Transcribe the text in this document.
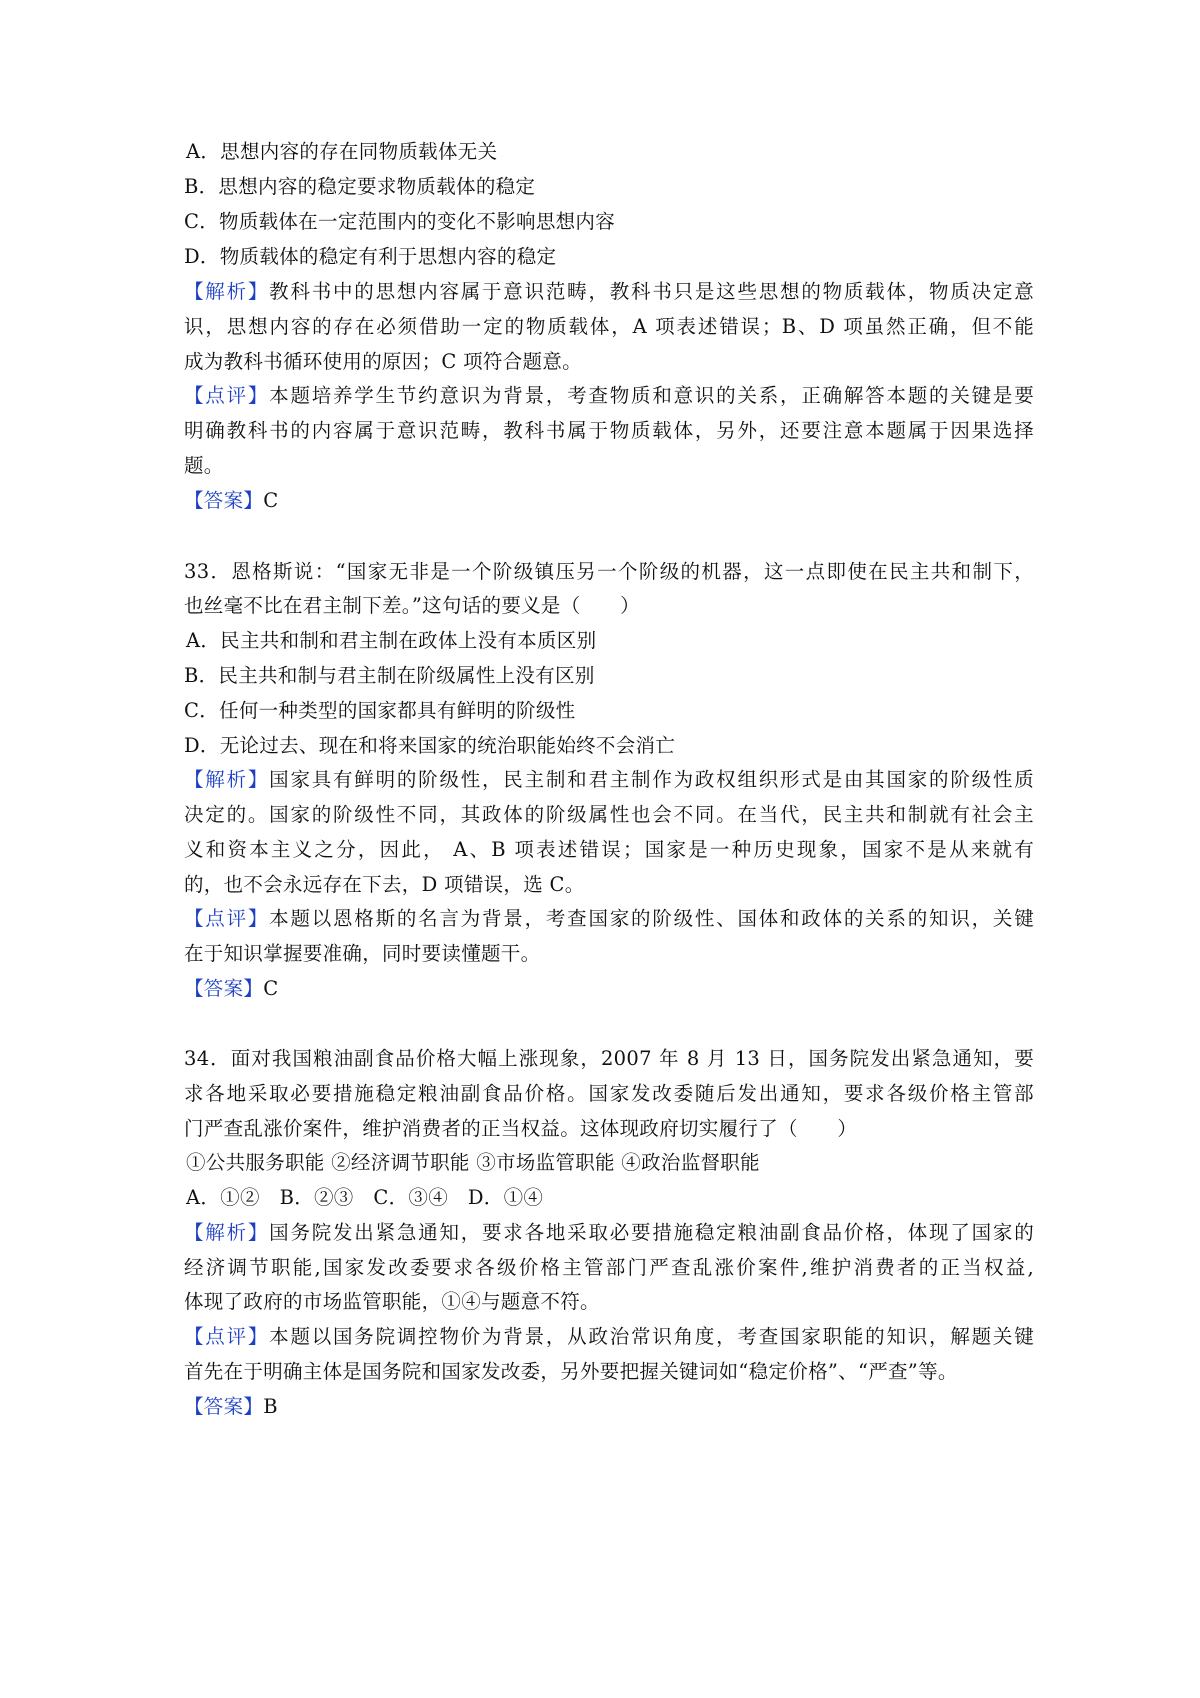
A．思想内容的存在同物质载体无关
B．思想内容的稳定要求物质载体的稳定
C．物质载体在一定范围内的变化不影响思想内容
D．物质载体的稳定有利于思想内容的稳定
【解析】教科书中的思想内容属于意识范畴，教科书只是这些思想的物质载体，物质决定意
识，思想内容的存在必须借助一定的物质载体，A 项表述错误；B、D 项虽然正确，但不能
成为教科书循环使用的原因；C 项符合题意。
【点评】本题培养学生节约意识为背景，考查物质和意识的关系，正确解答本题的关键是要
明确教科书的内容属于意识范畴，教科书属于物质载体，另外，还要注意本题属于因果选择
题。
【答案】C
33．恩格斯说：“国家无非是一个阶级镇压另一个阶级的机器，这一点即使在民主共和制下，
也丝毫不比在君主制下差。”这句话的要义是（　　）
A．民主共和制和君主制在政体上没有本质区别
B．民主共和制与君主制在阶级属性上没有区别
C．任何一种类型的国家都具有鲜明的阶级性
D．无论过去、现在和将来国家的统治职能始终不会消亡
【解析】国家具有鲜明的阶级性，民主制和君主制作为政权组织形式是由其国家的阶级性质
决定的。国家的阶级性不同，其政体的阶级属性也会不同。在当代，民主共和制就有社会主
义和资本主义之分，因此， A、B 项表述错误；国家是一种历史现象，国家不是从来就有
的，也不会永远存在下去，D 项错误，选 C。
【点评】本题以恩格斯的名言为背景，考查国家的阶级性、国体和政体的关系的知识，关键
在于知识掌握要准确，同时要读懂题干。
【答案】C
34．面对我国粮油副食品价格大幅上涨现象，2007 年 8 月 13 日，国务院发出紧急通知，要
求各地采取必要措施稳定粮油副食品价格。国家发改委随后发出通知，要求各级价格主管部
门严查乱涨价案件，维护消费者的正当权益。这体现政府切实履行了（　　）
①公共服务职能 ②经济调节职能 ③市场监管职能 ④政治监督职能
A．①②　B．②③　C．③④　D．①④
【解析】国务院发出紧急通知，要求各地采取必要措施稳定粮油副食品价格，体现了国家的
经济调节职能,国家发改委要求各级价格主管部门严查乱涨价案件,维护消费者的正当权益,
体现了政府的市场监管职能，①④与题意不符。
【点评】本题以国务院调控物价为背景，从政治常识角度，考查国家职能的知识，解题关键
首先在于明确主体是国务院和国家发改委，另外要把握关键词如“稳定价格”、“严查”等。
【答案】B
